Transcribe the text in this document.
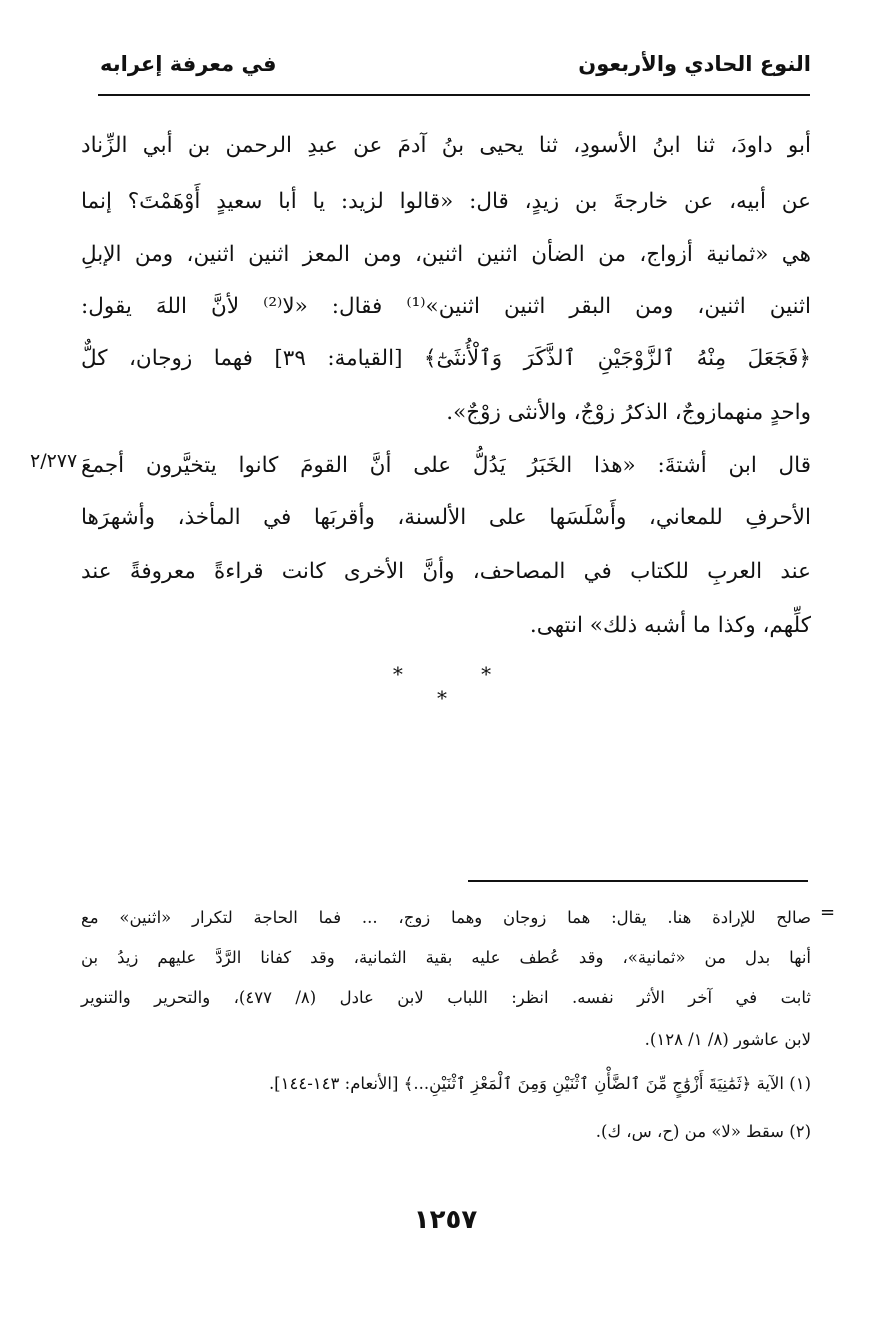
النوع الحادي والأربعون
في معرفة إعرابه
أبو داودَ، ثنا ابنُ الأسودِ، ثنا يحيى بنُ آدمَ عن عبدِ الرحمن بن أبي الزِّناد
عن أبيه، عن خارجةَ بن زيدٍ، قال: «قالوا لزيد: يا أبا سعيدٍ أَوْهَمْتَ؟ إنما
هي «ثمانية أزواج، من الضأن اثنين اثنين، ومن المعز اثنين اثنين، ومن الإبلِ
اثنين اثنين، ومن البقر اثنين اثنين»⁽¹⁾ فقال: «لا⁽²⁾ لأنَّ اللهَ يقول:
﴿فَجَعَلَ مِنْهُ ٱلزَّوْجَيْنِ ٱلذَّكَرَ وَٱلْأُنثَىٰٓ﴾ [القيامة: ٣٩] فهما زوجان، كلٌّ
واحدٍ منهمازوجٌ، الذكرُ زوْجٌ، والأنثى زوْجٌ».
قال ابن أشتةَ: «هذا الخَبَرُ يَدُلُّ على أنَّ القومَ كانوا يتخيَّرون أجمعَ
الأحرفِ للمعاني، وأَسْلَسَها على الألسنة، وأقربَها في المأخذ، وأشهرَها
عند العربِ للكتاب في المصاحف، وأنَّ الأخرى كانت قراءةً معروفةً عند
كلِّهم، وكذا ما أشبه ذلك» انتهى.
٢/٢٧٧
* * *
=
صالح للإرادة هنا. يقال: هما زوجان وهما زوج، ... فما الحاجة لتكرار «اثنين» مع
أنها بدل من «ثمانية»، وقد عُطف عليه بقية الثمانية، وقد كفانا الرَّدَّ عليهم زيدُ بن
ثابت في آخر الأثر نفسه. انظر: اللباب لابن عادل (٨/ ٤٧٧)، والتحرير والتنوير
لابن عاشور (٨/ ١/ ١٢٨).
(١) الآية ﴿ثَمَٰنِيَةَ أَزْوَٰجٍ مِّنَ ٱلضَّأْنِ ٱثْنَيْنِ وَمِنَ ٱلْمَعْزِ ٱثْنَيْنِ...﴾ [الأنعام: ١٤٣-١٤٤].
(٢) سقط «لا» من (ح، س، ك).
١٢٥٧
